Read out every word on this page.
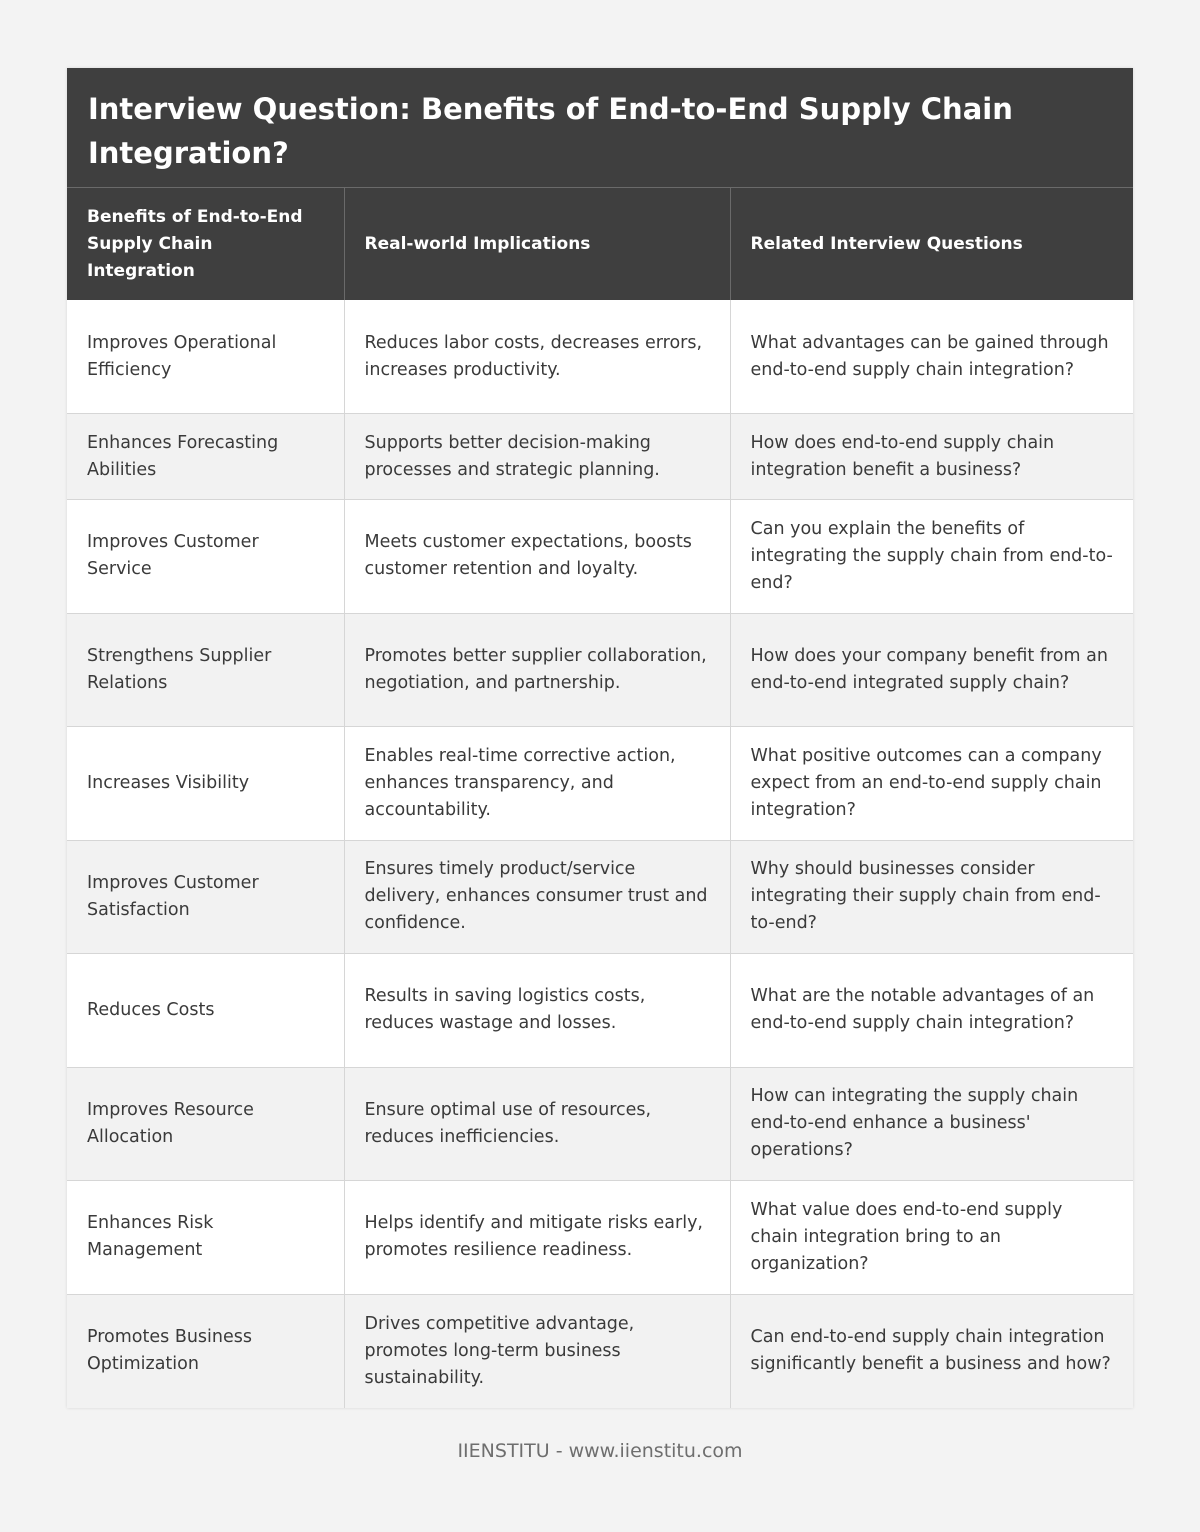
Interview Question: Benefits of End-to-End Supply Chain Integration?
Benefits of End-to-End Supply Chain Integration	Real-world Implications	Related Interview Questions
Improves Operational Efficiency	Reduces labor costs, decreases errors, increases productivity.	What advantages can be gained through end-to-end supply chain integration?
Enhances Forecasting Abilities	Supports better decision-making processes and strategic planning.	How does end-to-end supply chain integration benefit a business?
Improves Customer Service	Meets customer expectations, boosts customer retention and loyalty.	Can you explain the benefits of integrating the supply chain from end-to-end?
Strengthens Supplier Relations	Promotes better supplier collaboration, negotiation, and partnership.	How does your company benefit from an end-to-end integrated supply chain?
Increases Visibility	Enables real-time corrective action, enhances transparency, and accountability.	What positive outcomes can a company expect from an end-to-end supply chain integration?
Improves Customer Satisfaction	Ensures timely product/service delivery, enhances consumer trust and confidence.	Why should businesses consider integrating their supply chain from end-to-end?
Reduces Costs	Results in saving logistics costs, reduces wastage and losses.	What are the notable advantages of an end-to-end supply chain integration?
Improves Resource Allocation	Ensure optimal use of resources, reduces inefficiencies.	How can integrating the supply chain end-to-end enhance a business' operations?
Enhances Risk Management	Helps identify and mitigate risks early, promotes resilience readiness.	What value does end-to-end supply chain integration bring to an organization?
Promotes Business Optimization	Drives competitive advantage, promotes long-term business sustainability.	Can end-to-end supply chain integration significantly benefit a business and how?
IIENSTITU - www.iienstitu.com
